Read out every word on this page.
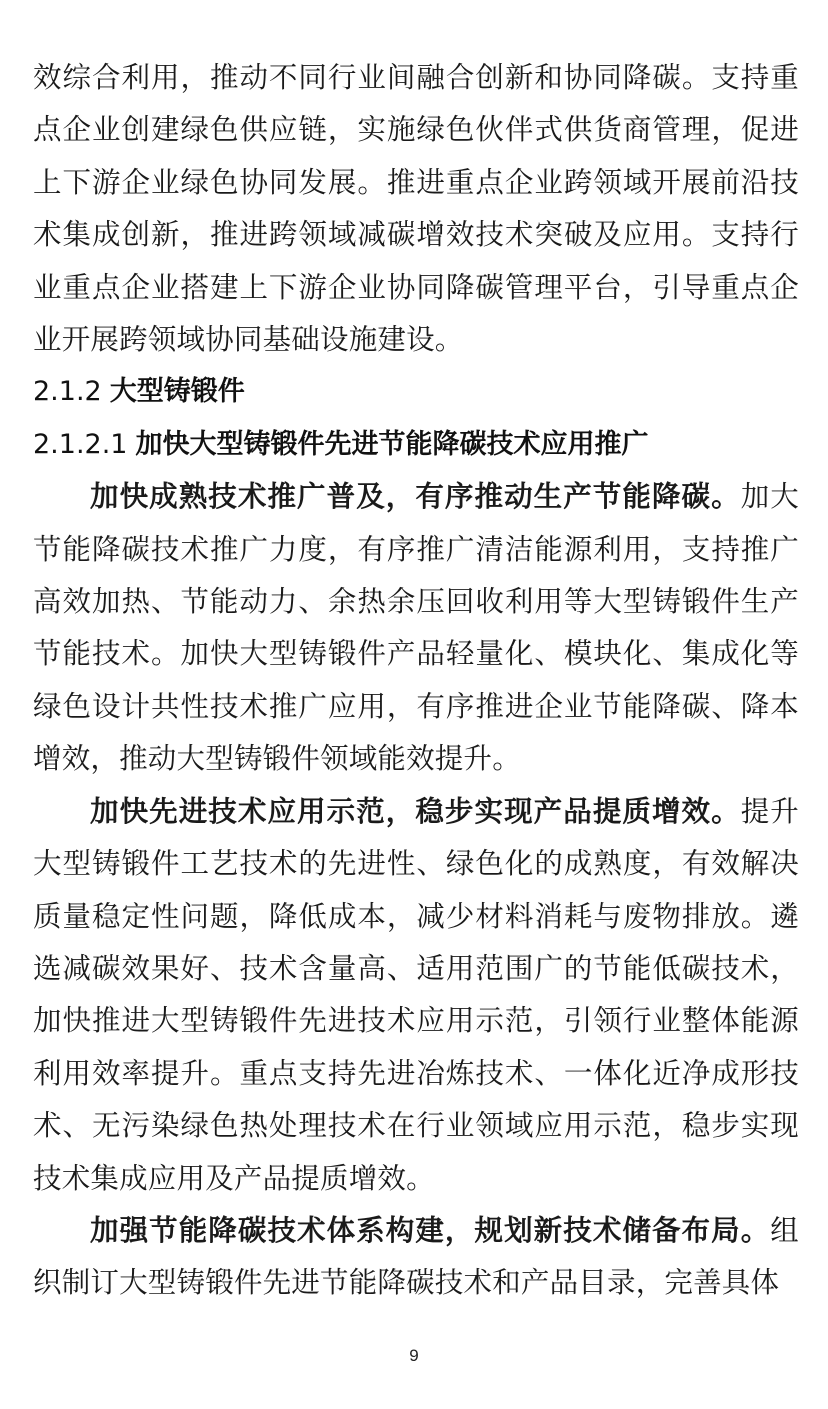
效综合利用，推动不同行业间融合创新和协同降碳。支持重点企业创建绿色供应链，实施绿色伙伴式供货商管理，促进上下游企业绿色协同发展。推进重点企业跨领域开展前沿技术集成创新，推进跨领域减碳增效技术突破及应用。支持行业重点企业搭建上下游企业协同降碳管理平台，引导重点企业开展跨领域协同基础设施建设。

2.1.2 大型铸锻件
2.1.2.1 加快大型铸锻件先进节能降碳技术应用推广

加快成熟技术推广普及，有序推动生产节能降碳。加大节能降碳技术推广力度，有序推广清洁能源利用，支持推广高效加热、节能动力、余热余压回收利用等大型铸锻件生产节能技术。加快大型铸锻件产品轻量化、模块化、集成化等绿色设计共性技术推广应用，有序推进企业节能降碳、降本增效，推动大型铸锻件领域能效提升。

加快先进技术应用示范，稳步实现产品提质增效。提升大型铸锻件工艺技术的先进性、绿色化的成熟度，有效解决质量稳定性问题，降低成本，减少材料消耗与废物排放。遴选减碳效果好、技术含量高、适用范围广的节能低碳技术，加快推进大型铸锻件先进技术应用示范，引领行业整体能源利用效率提升。重点支持先进冶炼技术、一体化近净成形技术、无污染绿色热处理技术在行业领域应用示范，稳步实现技术集成应用及产品提质增效。

加强节能降碳技术体系构建，规划新技术储备布局。组织制订大型铸锻件先进节能降碳技术和产品目录，完善具体

9
